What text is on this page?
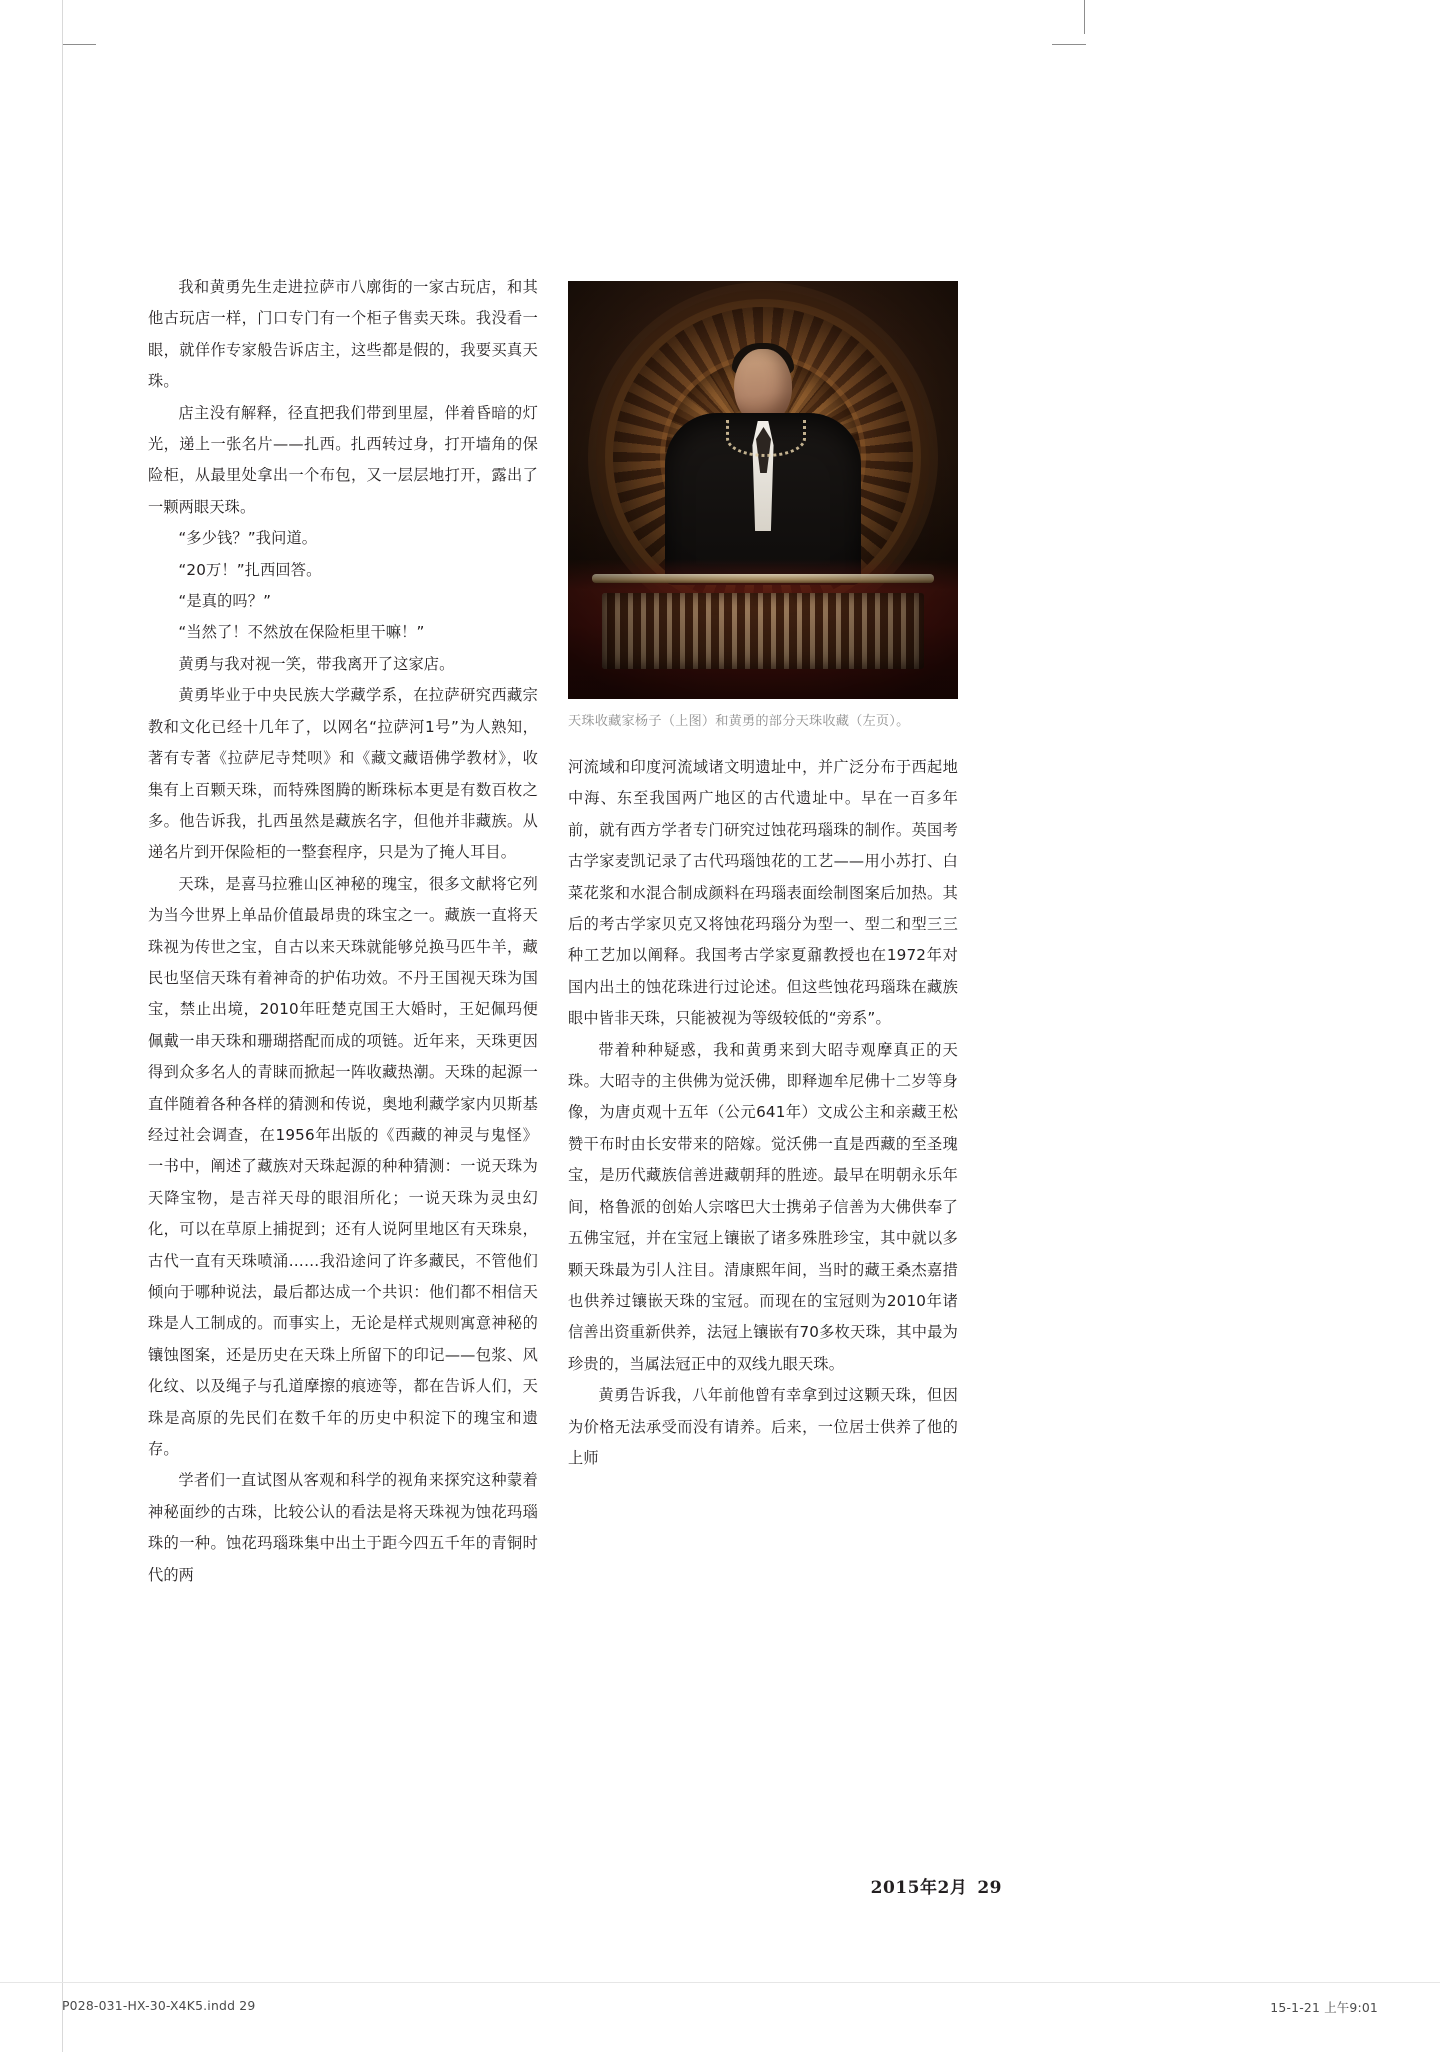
我和黄勇先生走进拉萨市八廓街的一家古玩店，和其他古玩店一样，门口专门有一个柜子售卖天珠。我没看一眼，就佯作专家般告诉店主，这些都是假的，我要买真天珠。

店主没有解释，径直把我们带到里屋，伴着昏暗的灯光，递上一张名片——扎西。扎西转过身，打开墙角的保险柜，从最里处拿出一个布包，又一层层地打开，露出了一颗两眼天珠。

“多少钱？”我问道。

“20万！”扎西回答。

“是真的吗？”

“当然了！不然放在保险柜里干嘛！”

黄勇与我对视一笑，带我离开了这家店。

黄勇毕业于中央民族大学藏学系，在拉萨研究西藏宗教和文化已经十几年了，以网名“拉萨河1号”为人熟知，著有专著《拉萨尼寺梵呗》和《藏文藏语佛学教材》，收集有上百颗天珠，而特殊图腾的断珠标本更是有数百枚之多。他告诉我，扎西虽然是藏族名字，但他并非藏族。从递名片到开保险柜的一整套程序，只是为了掩人耳目。

天珠，是喜马拉雅山区神秘的瑰宝，很多文献将它列为当今世界上单品价值最昂贵的珠宝之一。藏族一直将天珠视为传世之宝，自古以来天珠就能够兑换马匹牛羊，藏民也坚信天珠有着神奇的护佑功效。不丹王国视天珠为国宝，禁止出境，2010年旺楚克国王大婚时，王妃佩玛便佩戴一串天珠和珊瑚搭配而成的项链。近年来，天珠更因得到众多名人的青睐而掀起一阵收藏热潮。天珠的起源一直伴随着各种各样的猜测和传说，奥地利藏学家内贝斯基经过社会调查，在1956年出版的《西藏的神灵与鬼怪》一书中，阐述了藏族对天珠起源的种种猜测：一说天珠为天降宝物，是吉祥天母的眼泪所化；一说天珠为灵虫幻化，可以在草原上捕捉到；还有人说阿里地区有天珠泉，古代一直有天珠喷涌……我沿途问了许多藏民，不管他们倾向于哪种说法，最后都达成一个共识：他们都不相信天珠是人工制成的。而事实上，无论是样式规则寓意神秘的镶蚀图案，还是历史在天珠上所留下的印记——包浆、风化纹、以及绳子与孔道摩擦的痕迹等，都在告诉人们，天珠是高原的先民们在数千年的历史中积淀下的瑰宝和遗存。

学者们一直试图从客观和科学的视角来探究这种蒙着神秘面纱的古珠，比较公认的看法是将天珠视为蚀花玛瑙珠的一种。蚀花玛瑙珠集中出土于距今四五千年的青铜时代的两

天珠收藏家杨子（上图）和黄勇的部分天珠收藏（左页）。

河流域和印度河流域诸文明遗址中，并广泛分布于西起地中海、东至我国两广地区的古代遗址中。早在一百多年前，就有西方学者专门研究过蚀花玛瑙珠的制作。英国考古学家麦凯记录了古代玛瑙蚀花的工艺——用小苏打、白菜花浆和水混合制成颜料在玛瑙表面绘制图案后加热。其后的考古学家贝克又将蚀花玛瑙分为型一、型二和型三三种工艺加以阐释。我国考古学家夏鼐教授也在1972年对国内出土的蚀花珠进行过论述。但这些蚀花玛瑙珠在藏族眼中皆非天珠，只能被视为等级较低的“旁系”。

带着种种疑惑，我和黄勇来到大昭寺观摩真正的天珠。大昭寺的主供佛为觉沃佛，即释迦牟尼佛十二岁等身像，为唐贞观十五年（公元641年）文成公主和亲藏王松赞干布时由长安带来的陪嫁。觉沃佛一直是西藏的至圣瑰宝，是历代藏族信善进藏朝拜的胜迹。最早在明朝永乐年间，格鲁派的创始人宗喀巴大士携弟子信善为大佛供奉了五佛宝冠，并在宝冠上镶嵌了诸多殊胜珍宝，其中就以多颗天珠最为引人注目。清康熙年间，当时的藏王桑杰嘉措也供养过镶嵌天珠的宝冠。而现在的宝冠则为2010年诸信善出资重新供养，法冠上镶嵌有70多枚天珠，其中最为珍贵的，当属法冠正中的双线九眼天珠。

黄勇告诉我，八年前他曾有幸拿到过这颗天珠，但因为价格无法承受而没有请养。后来，一位居士供养了他的上师

2015年2月 29
P028-031-HX-30-X4K5.indd 29	15-1-21 上午9:01
